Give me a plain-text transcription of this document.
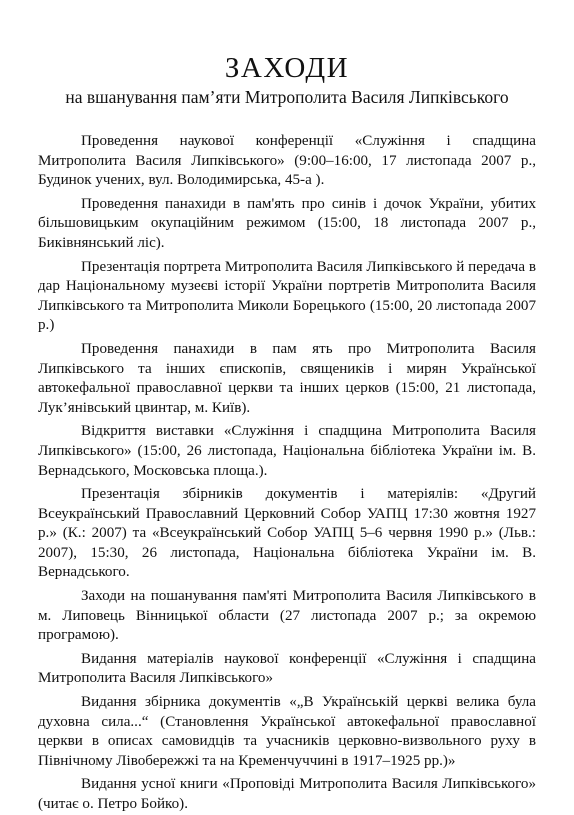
ЗАХОДИ
на вшанування пам’яти Митрополита Василя Липківського

Проведення наукової конференції «Служіння і спадщина Митрополита Василя Липківського» (9:00–16:00, 17 листопада 2007 р., Будинок учених, вул. Володимирська, 45-а ).

Проведення панахиди в пам'ять про синів і дочок України, убитих більшовицьким окупаційним режимом (15:00, 18 листопада 2007 р., Биківнянський ліс).

Презентація портрета Митрополита Василя Липківського й передача в дар Національному музеєві історії України портретів Митрополита Василя Липківського та Митрополита Миколи Борецького (15:00, 20 листопада 2007 р.)

Проведення панахиди в пам ять про Митрополита Василя Липківського та інших єпископів, священиків і мирян Української автокефальної православної церкви та інших церков (15:00, 21 листопада, Лук’янівський цвинтар, м. Київ).

Відкриття виставки «Служіння і спадщина Митрополита Василя Липківського» (15:00, 26 листопада, Національна бібліотека України ім. В. Вернадського, Московська площа.).

Презентація збірників документів і матеріялів: «Другий Всеукраїнський Православний Церковний Собор УАПЦ 17:30 жовтня 1927 р.» (К.: 2007) та «Всеукраїнський Собор УАПЦ 5–6 червня 1990 р.» (Льв.: 2007), 15:30, 26 листопада, Національна бібліотека України ім. В. Вернадського.

Заходи на пошанування пам'яті Митрополита Василя Липківського в м. Липовець Вінницької области (27 листопада 2007 р.; за окремою програмою).

Видання матеріалів наукової конференції «Служіння і спадщина Митрополита Василя Липківського»

Видання збірника документів «„В Українській церкві велика була духовна сила...“ (Становлення Української автокефальної православної церкви в описах самовидців та учасників церковно-визвольного руху в Північному Лівобережжі та на Кременчуччині в 1917–1925 рр.)»

Видання усної книги «Проповіді Митрополита Василя Липківського» (читає о. Петро Бойко).
